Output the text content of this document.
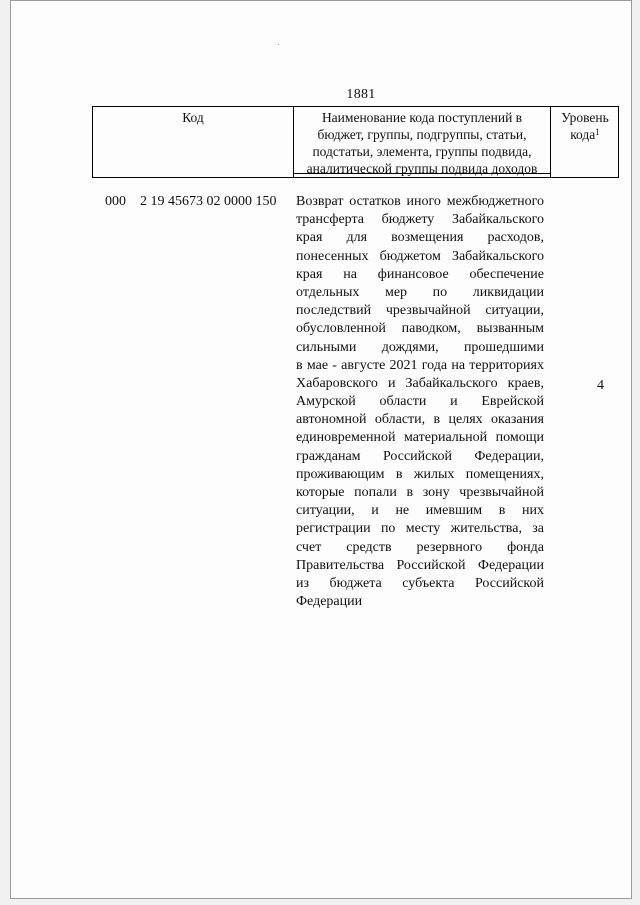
1881
Код	Наименование кода поступлений в
бюджет, группы, подгруппы, статьи,
подстатьи, элемента, группы подвида,
аналитической группы подвида доходов
Уровень
кода$^1$
000 2 19 45673 02 0000 150 Возврат остатков иного межбюджетного
трансферта бюджету Забайкальского
края для возмещения расходов,
понесенных бюджетом Забайкальского
края на финансовое обеспечение
отдельных мер по ликвидации
последствий чрезвычайной ситуации,
обусловленной паводком, вызванным
сильными дождями, прошедшими
в мае - августе 2021 года на территориях
Хабаровского и Забайкальского краев,
Амурской области и Еврейской
автономной области, в целях оказания
единовременной материальной помощи
гражданам Российской Федерации,
проживающим в жилых помещениях,
которые попали в зону чрезвычайной
ситуации, и не имевшим в них
регистрации по месту жительства, за
счет средств резервного фонда
Правительства Российской Федерации
из бюджета субъекта Российской
Федерации
4
